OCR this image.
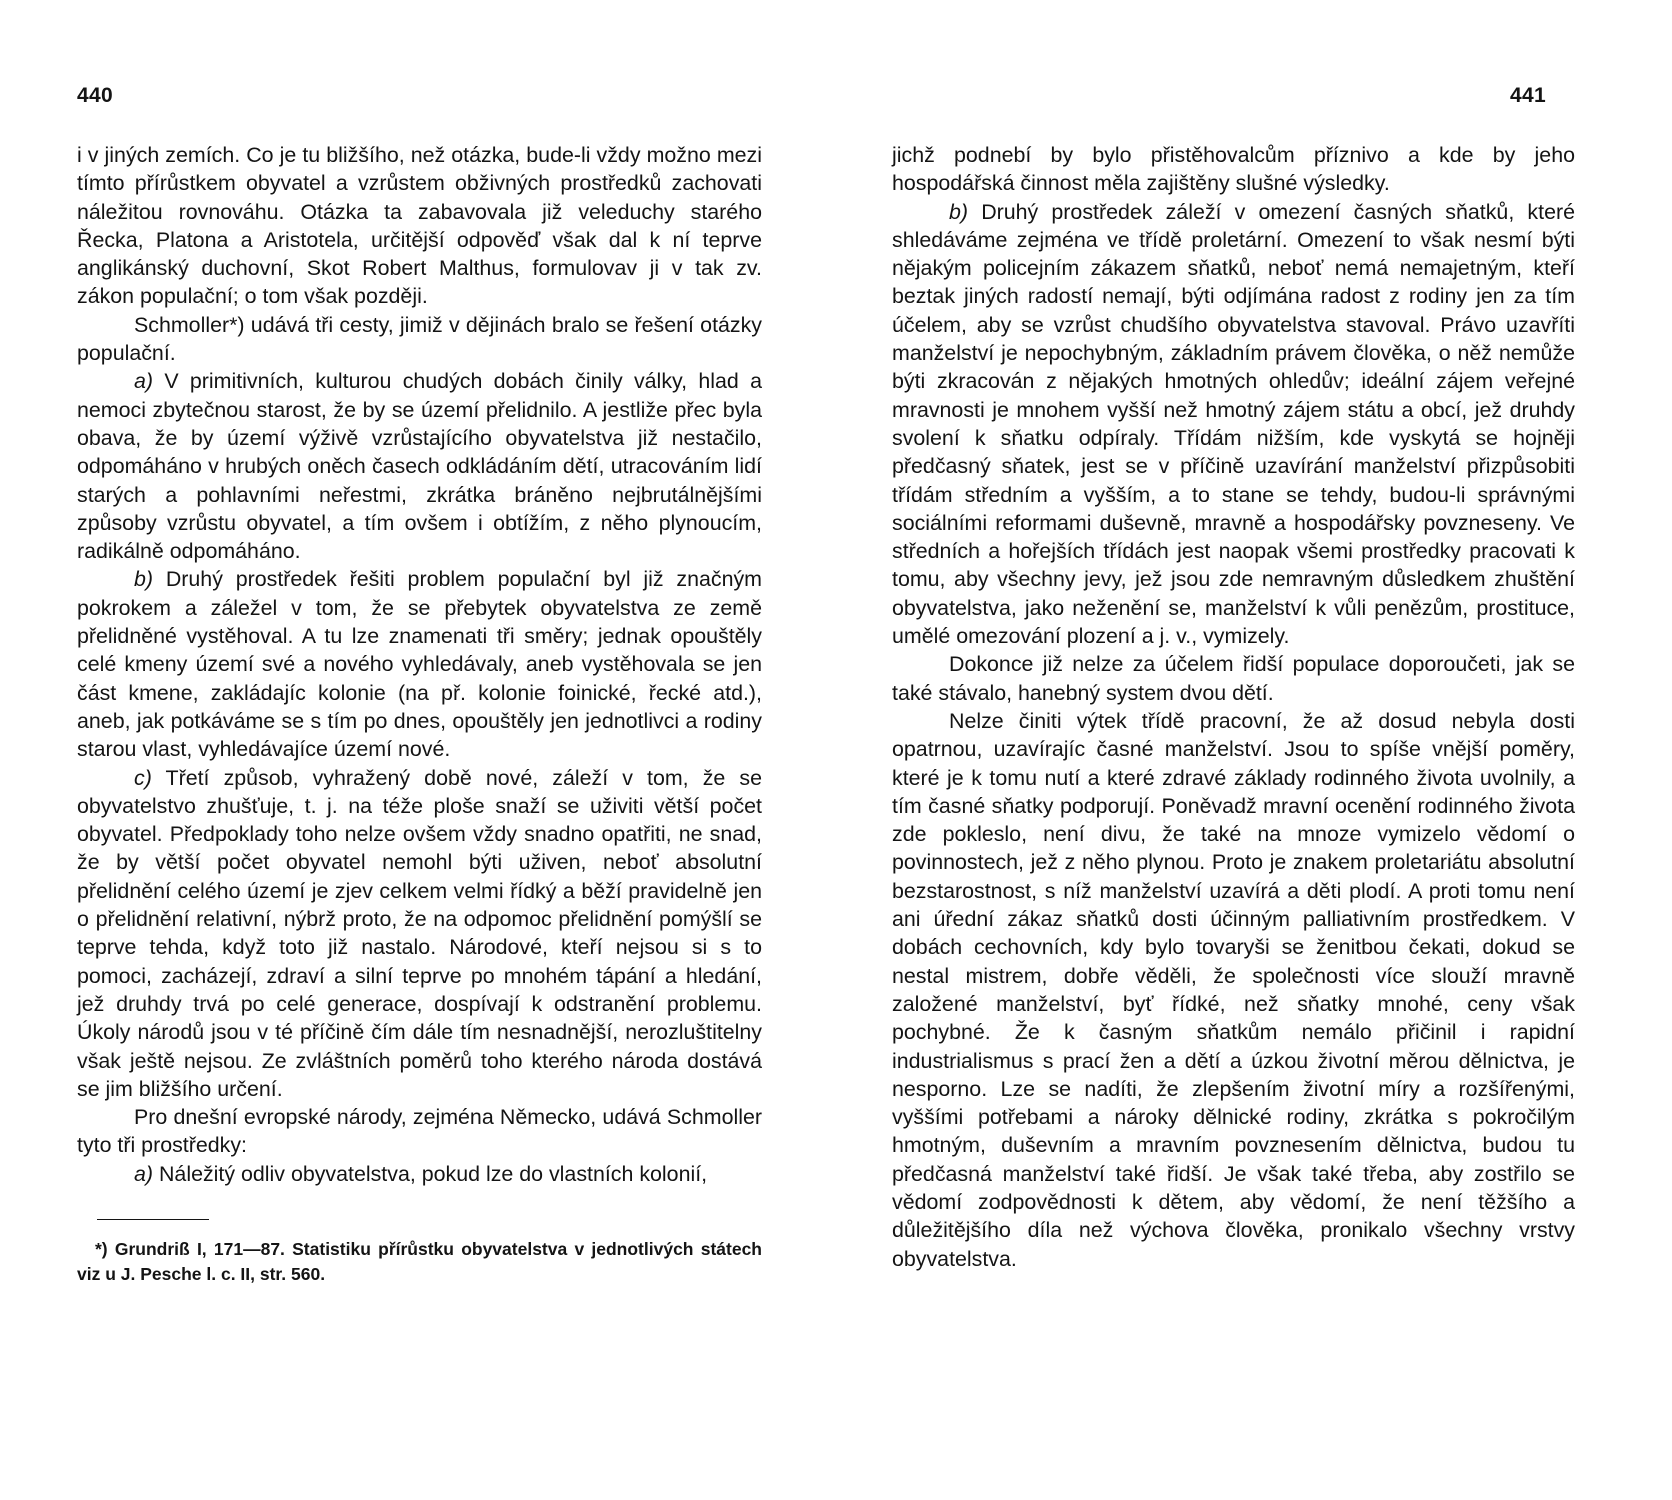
440

i v jiných zemích. Co je tu bližšího, než otázka, bude-li vždy možno mezi tímto přírůstkem obyvatel a vzrůstem obživných prostředků zachovati náležitou rovnováhu. Otázka ta zabavovala již veleduchy starého Řecka, Platona a Aristotela, určitější odpověď však dal k ní teprve anglikánský duchovní, Skot Robert Malthus, formulovav ji v tak zv. zákon populační; o tom však později.

Schmoller*) udává tři cesty, jimiž v dějinách bralo se řešení otázky populační.

a) V primitivních, kulturou chudých dobách činily války, hlad a nemoci zbytečnou starost, že by se území přelidnilo. A jestliže přec byla obava, že by území výživě vzrůstajícího obyvatelstva již nestačilo, odpomáháno v hrubých oněch časech odkládáním dětí, utracováním lidí starých a pohlavními neřestmi, zkrátka bráněno nejbrutálnějšími způsoby vzrůstu obyvatel, a tím ovšem i obtížím, z něho plynoucím, radikálně odpomáháno.

b) Druhý prostředek řešiti problem populační byl již značným pokrokem a záležel v tom, že se přebytek obyvatelstva ze země přelidněné vystěhoval. A tu lze znamenati tři směry; jednak opouštěly celé kmeny území své a nového vyhledávaly, aneb vystěhovala se jen část kmene, zakládajíc kolonie (na př. kolonie foinické, řecké atd.), aneb, jak potkáváme se s tím po dnes, opouštěly jen jednotlivci a rodiny starou vlast, vyhledávajíce území nové.

c) Třetí způsob, vyhražený době nové, záleží v tom, že se obyvatelstvo zhušťuje, t. j. na téže ploše snaží se uživiti větší počet obyvatel. Předpoklady toho nelze ovšem vždy snadno opatřiti, ne snad, že by větší počet obyvatel nemohl býti uživen, neboť absolutní přelidnění celého území je zjev celkem velmi řídký a běží pravidelně jen o přelidnění relativní, nýbrž proto, že na odpomoc přelidnění pomýšlí se teprve tehda, když toto již nastalo. Národové, kteří nejsou si s to pomoci, zacházejí, zdraví a silní teprve po mnohém tápání a hledání, jež druhdy trvá po celé generace, dospívají k odstranění problemu. Úkoly národů jsou v té příčině čím dále tím nesnadnější, nerozluštitelny však ještě nejsou. Ze zvláštních poměrů toho kterého národa dostává se jim bližšího určení.

Pro dnešní evropské národy, zejména Německo, udává Schmoller tyto tři prostředky:

a) Náležitý odliv obyvatelstva, pokud lze do vlastních kolonií,

*) Grundriß I, 171—87. Statistiku přírůstku obyvatelstva v jednotlivých státech viz u J. Pesche l. c. II, str. 560.

441

jichž podnebí by bylo přistěhovalcům příznivo a kde by jeho hospodářská činnost měla zajištěny slušné výsledky.

b) Druhý prostředek záleží v omezení časných sňatků, které shledáváme zejména ve třídě proletární. Omezení to však nesmí býti nějakým policejním zákazem sňatků, neboť nemá nemajetným, kteří beztak jiných radostí nemají, býti odjímána radost z rodiny jen za tím účelem, aby se vzrůst chudšího obyvatelstva stavoval. Právo uzavříti manželství je nepochybným, základním právem člověka, o něž nemůže býti zkracován z nějakých hmotných ohledův; ideální zájem veřejné mravnosti je mnohem vyšší než hmotný zájem státu a obcí, jež druhdy svolení k sňatku odpíraly. Třídám nižším, kde vyskytá se hojněji předčasný sňatek, jest se v příčině uzavírání manželství přizpůsobiti třídám středním a vyšším, a to stane se tehdy, budou-li správnými sociálními reformami duševně, mravně a hospodářsky povzneseny. Ve středních a hořejších třídách jest naopak všemi prostředky pracovati k tomu, aby všechny jevy, jež jsou zde nemravným důsledkem zhuštění obyvatelstva, jako neženění se, manželství k vůli penězům, prostituce, umělé omezování plození a j. v., vymizely.

Dokonce již nelze za účelem řidší populace doporoučeti, jak se také stávalo, hanebný system dvou dětí.

Nelze činiti výtek třídě pracovní, že až dosud nebyla dosti opatrnou, uzavírajíc časné manželství. Jsou to spíše vnější poměry, které je k tomu nutí a které zdravé základy rodinného života uvolnily, a tím časné sňatky podporují. Poněvadž mravní ocenění rodinného života zde pokleslo, není divu, že také na mnoze vymizelo vědomí o povinnostech, jež z něho plynou. Proto je znakem proletariátu absolutní bezstarostnost, s níž manželství uzavírá a děti plodí. A proti tomu není ani úřední zákaz sňatků dosti účinným palliativním prostředkem. V dobách cechovních, kdy bylo tovaryši se ženitbou čekati, dokud se nestal mistrem, dobře věděli, že společnosti více slouží mravně založené manželství, byť řídké, než sňatky mnohé, ceny však pochybné. Že k časným sňatkům nemálo přičinil i rapidní industrialismus s prací žen a dětí a úzkou životní měrou dělnictva, je nesporno. Lze se nadíti, že zlepšením životní míry a rozšířenými, vyššími potřebami a nároky dělnické rodiny, zkrátka s pokročilým hmotným, duševním a mravním povznesením dělnictva, budou tu předčasná manželství také řidší. Je však také třeba, aby zostřilo se vědomí zodpovědnosti k dětem, aby vědomí, že není těžšího a důležitějšího díla než výchova člověka, pronikalo všechny vrstvy obyvatelstva.
